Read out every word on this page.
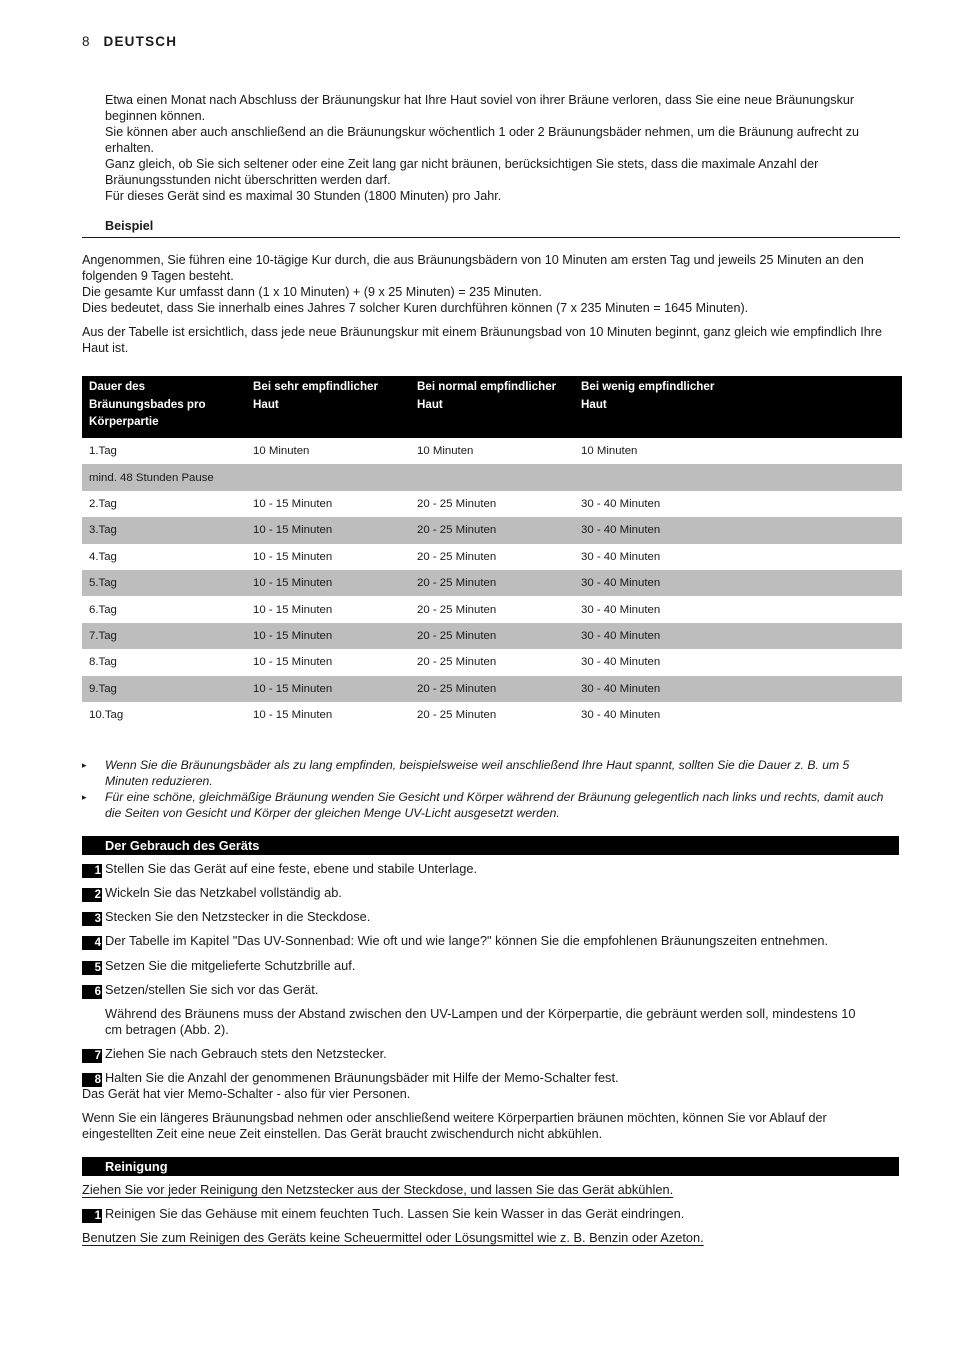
8 DEUTSCH

Etwa einen Monat nach Abschluss der Bräunungskur hat Ihre Haut soviel von ihrer Bräune verloren, dass Sie eine neue Bräunungskur beginnen können.

Sie können aber auch anschließend an die Bräunungskur wöchentlich 1 oder 2 Bräunungsbäder nehmen, um die Bräunung aufrecht zu erhalten.

Ganz gleich, ob Sie sich seltener oder eine Zeit lang gar nicht bräunen, berücksichtigen Sie stets, dass die maximale Anzahl der Bräunungsstunden nicht überschritten werden darf.

Für dieses Gerät sind es maximal 30 Stunden (1800 Minuten) pro Jahr.

Beispiel

Angenommen, Sie führen eine 10-tägige Kur durch, die aus Bräunungsbädern von 10 Minuten am ersten Tag und jeweils 25 Minuten an den folgenden 9 Tagen besteht.

Die gesamte Kur umfasst dann (1 x 10 Minuten) + (9 x 25 Minuten) = 235 Minuten.

Dies bedeutet, dass Sie innerhalb eines Jahres 7 solcher Kuren durchführen können (7 x 235 Minuten = 1645 Minuten).

Aus der Tabelle ist ersichtlich, dass jede neue Bräunungskur mit einem Bräunungsbad von 10 Minuten beginnt, ganz gleich wie empfindlich Ihre Haut ist.

Dauer des Bräunungsbades pro Körperpartie	Bei sehr empfindlicher Haut	Bei normal empfindlicher Haut	Bei wenig empfindlicher Haut
1.Tag	10 Minuten	10 Minuten	10 Minuten
mind. 48 Stunden Pause			
2.Tag	10 - 15 Minuten	20 - 25 Minuten	30 - 40 Minuten
3.Tag	10 - 15 Minuten	20 - 25 Minuten	30 - 40 Minuten
4.Tag	10 - 15 Minuten	20 - 25 Minuten	30 - 40 Minuten
5.Tag	10 - 15 Minuten	20 - 25 Minuten	30 - 40 Minuten
6.Tag	10 - 15 Minuten	20 - 25 Minuten	30 - 40 Minuten
7.Tag	10 - 15 Minuten	20 - 25 Minuten	30 - 40 Minuten
8.Tag	10 - 15 Minuten	20 - 25 Minuten	30 - 40 Minuten
9.Tag	10 - 15 Minuten	20 - 25 Minuten	30 - 40 Minuten
10.Tag	10 - 15 Minuten	20 - 25 Minuten	30 - 40 Minuten
▸ Wenn Sie die Bräunungsbäder als zu lang empfinden, beispielsweise weil anschließend Ihre Haut spannt, sollten Sie die Dauer z. B. um 5 Minuten reduzieren.
▸ Für eine schöne, gleichmäßige Bräunung wenden Sie Gesicht und Körper während der Bräunung gelegentlich nach links und rechts, damit auch die Seiten von Gesicht und Körper der gleichen Menge UV-Licht ausgesetzt werden.
Der Gebrauch des Geräts
1 Stellen Sie das Gerät auf eine feste, ebene und stabile Unterlage.
2 Wickeln Sie das Netzkabel vollständig ab.
3 Stecken Sie den Netzstecker in die Steckdose.
4 Der Tabelle im Kapitel "Das UV-Sonnenbad: Wie oft und wie lange?" können Sie die empfohlenen Bräunungszeiten entnehmen.
5 Setzen Sie die mitgelieferte Schutzbrille auf.
6 Setzen/stellen Sie sich vor das Gerät.

Während des Bräunens muss der Abstand zwischen den UV-Lampen und der Körperpartie, die gebräunt werden soll, mindestens 10 cm betragen (Abb. 2).

7 Ziehen Sie nach Gebrauch stets den Netzstecker.
8 Halten Sie die Anzahl der genommenen Bräunungsbäder mit Hilfe der Memo-Schalter fest.

Das Gerät hat vier Memo-Schalter - also für vier Personen.

Wenn Sie ein längeres Bräunungsbad nehmen oder anschließend weitere Körperpartien bräunen möchten, können Sie vor Ablauf der eingestellten Zeit eine neue Zeit einstellen. Das Gerät braucht zwischendurch nicht abkühlen.

Reinigung

Ziehen Sie vor jeder Reinigung den Netzstecker aus der Steckdose, und lassen Sie das Gerät abkühlen.

1 Reinigen Sie das Gehäuse mit einem feuchten Tuch. Lassen Sie kein Wasser in das Gerät eindringen.

Benutzen Sie zum Reinigen des Geräts keine Scheuermittel oder Lösungsmittel wie z. B. Benzin oder Azeton.
